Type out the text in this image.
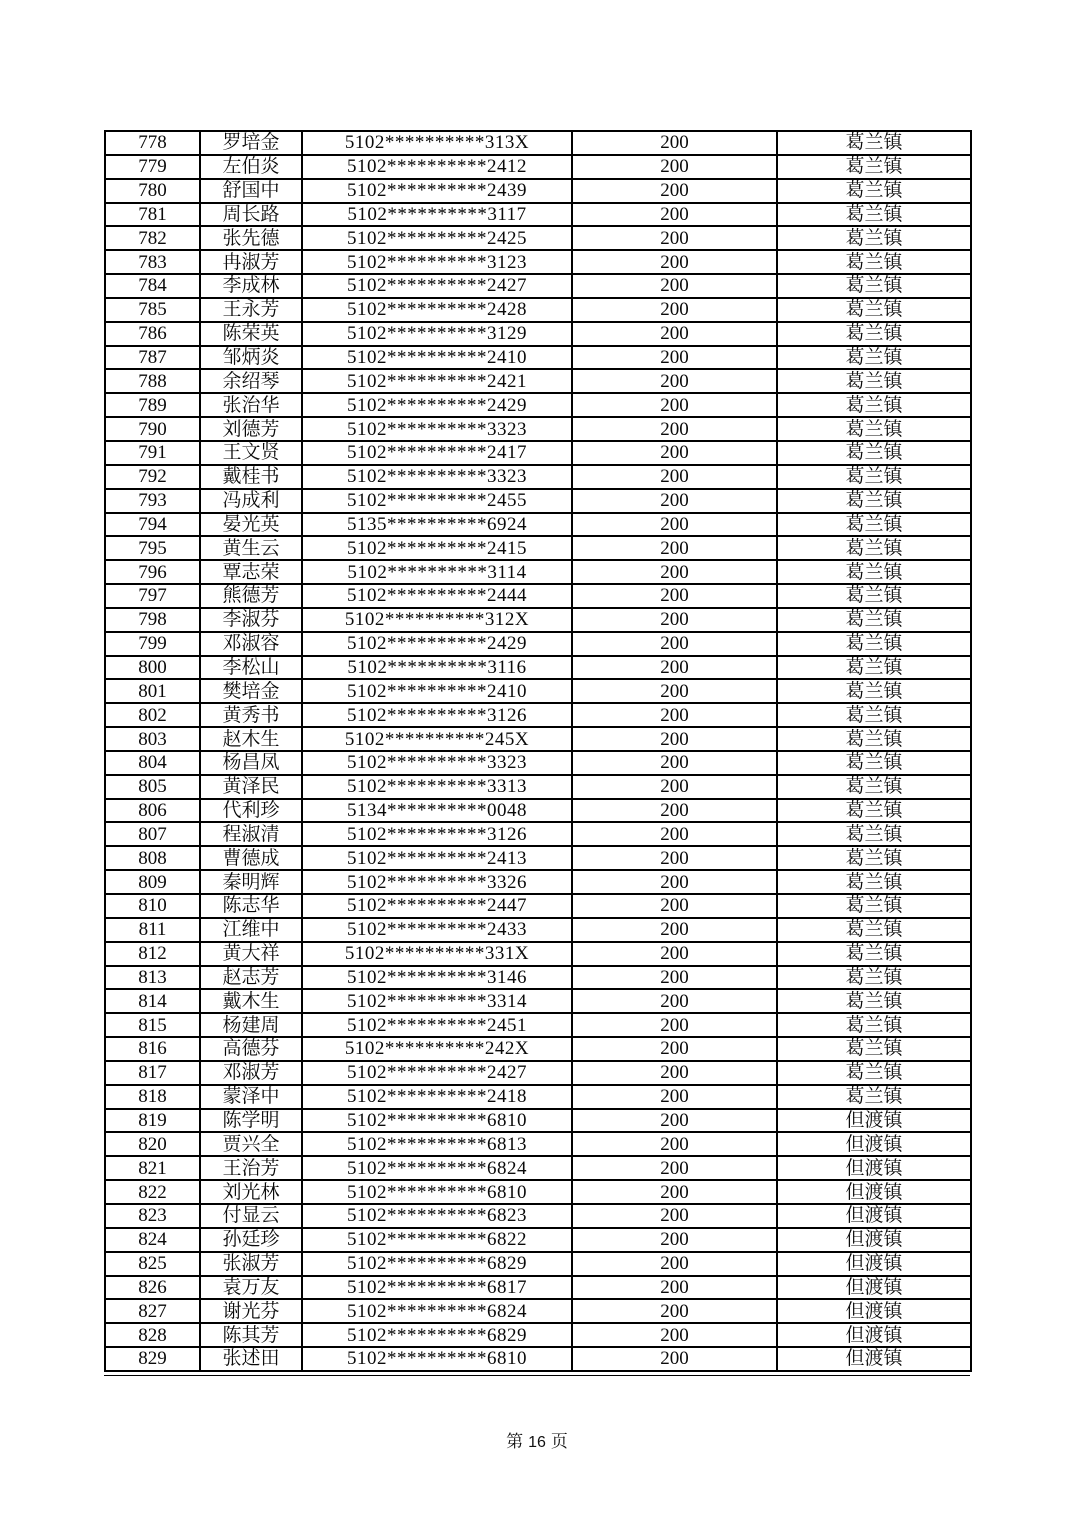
778	罗培金	5102**********313X	200	葛兰镇
779	左伯炎	5102**********2412	200	葛兰镇
780	舒国中	5102**********2439	200	葛兰镇
781	周长路	5102**********3117	200	葛兰镇
782	张先德	5102**********2425	200	葛兰镇
783	冉淑芳	5102**********3123	200	葛兰镇
784	李成林	5102**********2427	200	葛兰镇
785	王永芳	5102**********2428	200	葛兰镇
786	陈荣英	5102**********3129	200	葛兰镇
787	邹炳炎	5102**********2410	200	葛兰镇
788	余绍琴	5102**********2421	200	葛兰镇
789	张治华	5102**********2429	200	葛兰镇
790	刘德芳	5102**********3323	200	葛兰镇
791	王文贤	5102**********2417	200	葛兰镇
792	戴桂书	5102**********3323	200	葛兰镇
793	冯成利	5102**********2455	200	葛兰镇
794	晏光英	5135**********6924	200	葛兰镇
795	黄生云	5102**********2415	200	葛兰镇
796	覃志荣	5102**********3114	200	葛兰镇
797	熊德芳	5102**********2444	200	葛兰镇
798	李淑芬	5102**********312X	200	葛兰镇
799	邓淑容	5102**********2429	200	葛兰镇
800	李松山	5102**********3116	200	葛兰镇
801	樊培金	5102**********2410	200	葛兰镇
802	黄秀书	5102**********3126	200	葛兰镇
803	赵木生	5102**********245X	200	葛兰镇
804	杨昌凤	5102**********3323	200	葛兰镇
805	黄泽民	5102**********3313	200	葛兰镇
806	代利珍	5134**********0048	200	葛兰镇
807	程淑清	5102**********3126	200	葛兰镇
808	曹德成	5102**********2413	200	葛兰镇
809	秦明辉	5102**********3326	200	葛兰镇
810	陈志华	5102**********2447	200	葛兰镇
811	江维中	5102**********2433	200	葛兰镇
812	黄大祥	5102**********331X	200	葛兰镇
813	赵志芳	5102**********3146	200	葛兰镇
814	戴木生	5102**********3314	200	葛兰镇
815	杨建周	5102**********2451	200	葛兰镇
816	高德芬	5102**********242X	200	葛兰镇
817	邓淑芳	5102**********2427	200	葛兰镇
818	蒙泽中	5102**********2418	200	葛兰镇
819	陈学明	5102**********6810	200	但渡镇
820	贾兴全	5102**********6813	200	但渡镇
821	王治芳	5102**********6824	200	但渡镇
822	刘光林	5102**********6810	200	但渡镇
823	付显云	5102**********6823	200	但渡镇
824	孙廷珍	5102**********6822	200	但渡镇
825	张淑芳	5102**********6829	200	但渡镇
826	袁万友	5102**********6817	200	但渡镇
827	谢光芬	5102**********6824	200	但渡镇
828	陈其芳	5102**********6829	200	但渡镇
829	张述田	5102**********6810	200	但渡镇
第 16 页
